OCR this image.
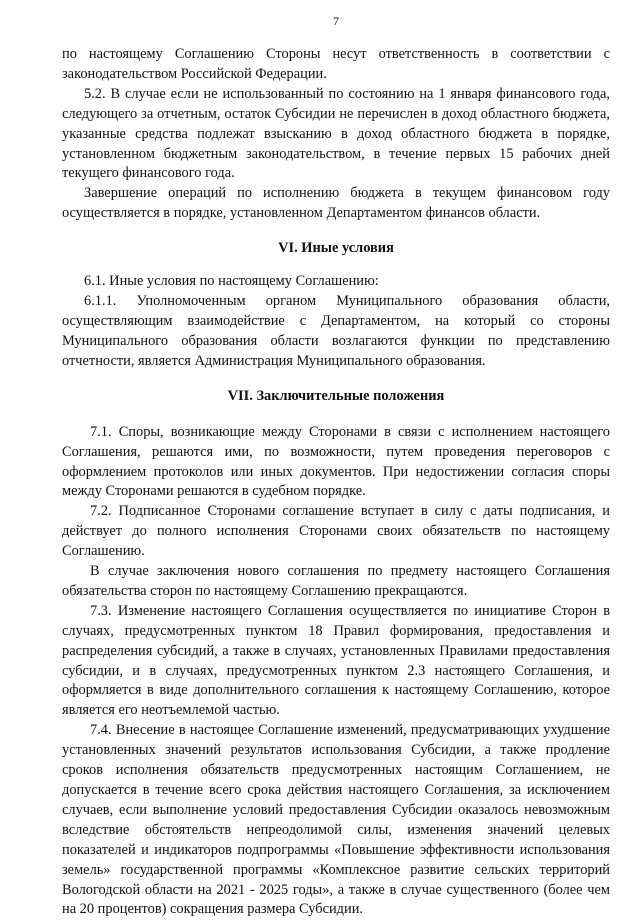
7

по настоящему Соглашению Стороны несут ответственность в соответствии с законодательством Российской Федерации.

5.2. В случае если не использованный по состоянию на 1 января финансового года, следующего за отчетным, остаток Субсидии не перечислен в доход областного бюджета, указанные средства подлежат взысканию в доход областного бюджета в порядке, установленном бюджетным законодательством, в течение первых 15 рабочих дней текущего финансового года.

Завершение операций по исполнению бюджета в текущем финансовом году осуществляется в порядке, установленном Департаментом финансов области.

VI. Иные условия

6.1. Иные условия по настоящему Соглашению:

6.1.1. Уполномоченным органом Муниципального образования области, осуществляющим взаимодействие с Департаментом, на который со стороны Муниципального образования области возлагаются функции по представлению отчетности, является Администрация Муниципального образования.

VII. Заключительные положения

7.1. Споры, возникающие между Сторонами в связи с исполнением настоящего Соглашения, решаются ими, по возможности, путем проведения переговоров с оформлением протоколов или иных документов. При недостижении согласия споры между Сторонами решаются в судебном порядке.

7.2. Подписанное Сторонами соглашение вступает в силу с даты подписания, и действует до полного исполнения Сторонами своих обязательств по настоящему Соглашению.

В случае заключения нового соглашения по предмету настоящего Соглашения обязательства сторон по настоящему Соглашению прекращаются.

7.3. Изменение настоящего Соглашения осуществляется по инициативе Сторон в случаях, предусмотренных пунктом 18 Правил формирования, предоставления и распределения субсидий, а также в случаях, установленных Правилами предоставления субсидии, и в случаях, предусмотренных пунктом 2.3 настоящего Соглашения, и оформляется в виде дополнительного соглашения к настоящему Соглашению, которое является его неотъемлемой частью.

7.4. Внесение в настоящее Соглашение изменений, предусматривающих ухудшение установленных значений результатов использования Субсидии, а также продление сроков исполнения обязательств предусмотренных настоящим Соглашением, не допускается в течение всего срока действия настоящего Соглашения, за исключением случаев, если выполнение условий предоставления Субсидии оказалось невозможным вследствие обстоятельств непреодолимой силы, изменения значений целевых показателей и индикаторов подпрограммы «Повышение эффективности использования земель» государственной программы «Комплексное развитие сельских территорий Вологодской области на 2021 - 2025 годы», а также в случае существенного (более чем на 20 процентов) сокращения размера Субсидии.
